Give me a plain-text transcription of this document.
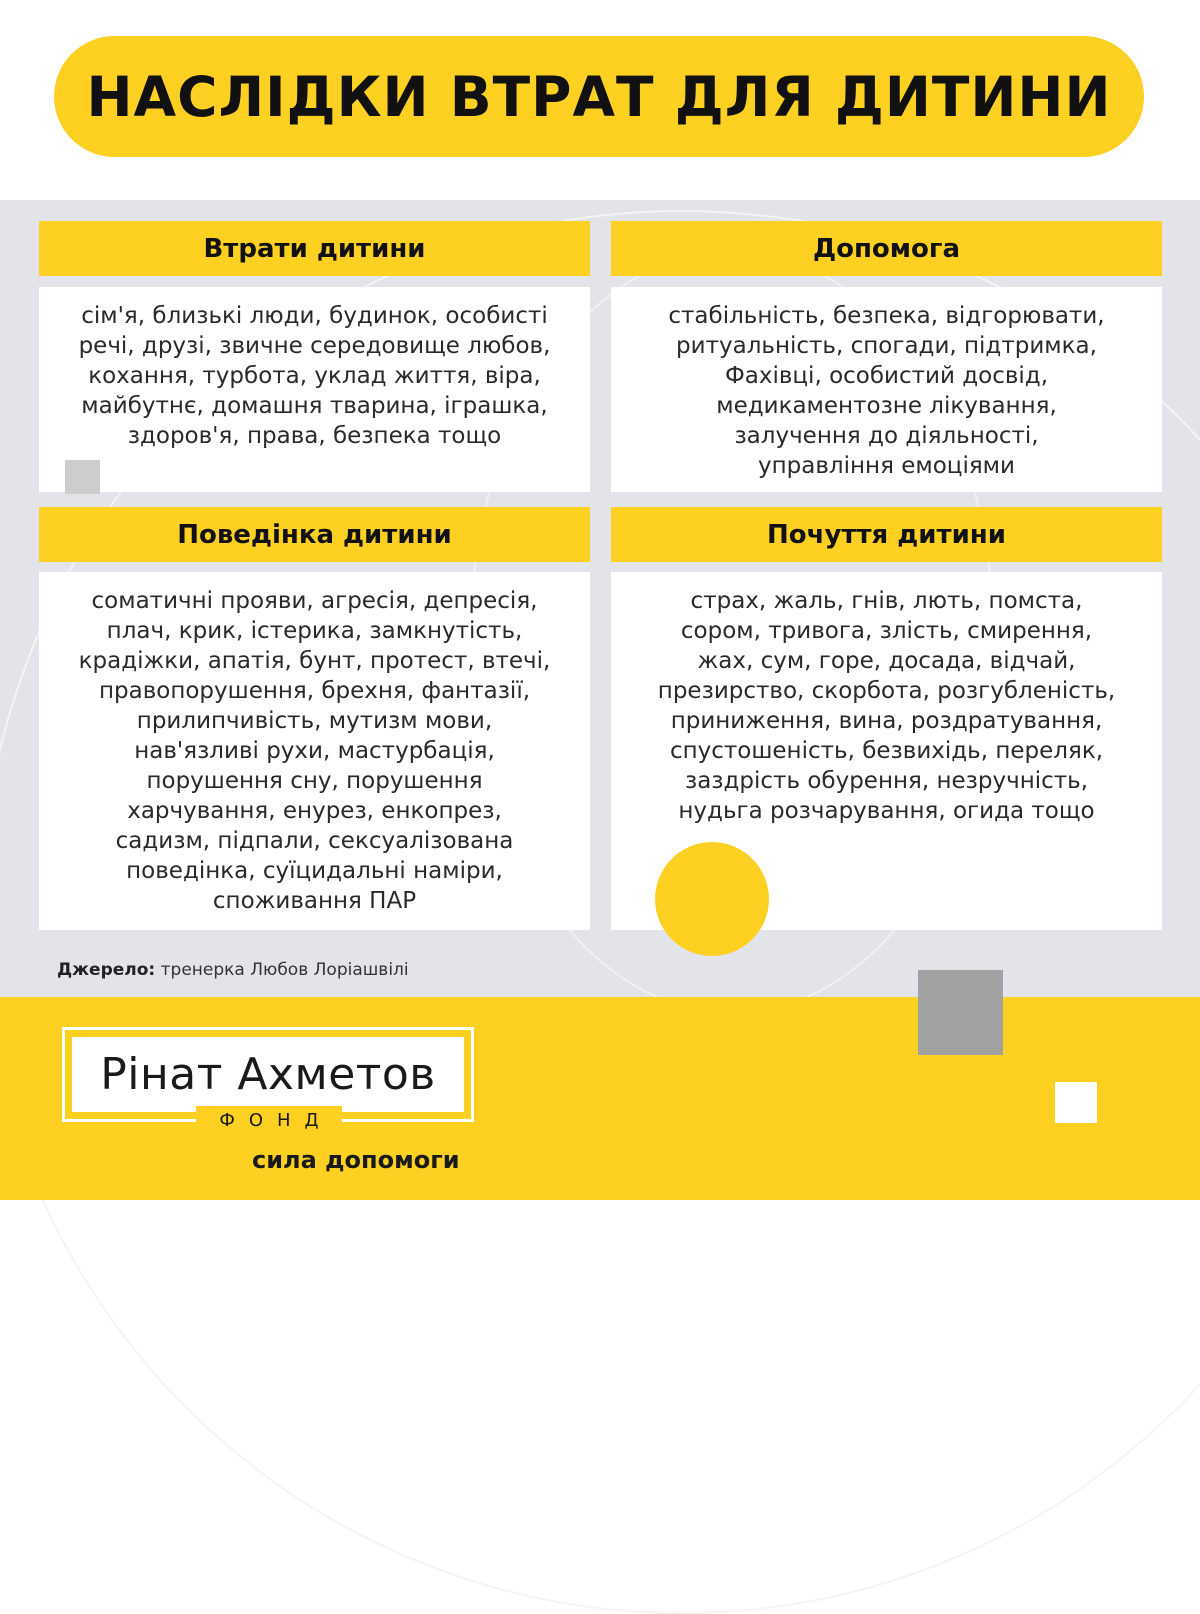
НАСЛІДКИ ВТРАТ ДЛЯ ДИТИНИ
Втрати дитини

сім'я, близькі люди, будинок, особисті
речі, друзі, звичне середовище любов,
кохання, турбота, уклад життя, віра,
майбутнє, домашня тварина, іграшка,
здоров'я, права, безпека тощо

Допомога

стабільність, безпека, відгорювати,
ритуальність, спогади, підтримка,
Фахівці, особистий досвід,
медикаментозне лікування,
залучення до діяльності,
управління емоціями

Поведінка дитини

соматичні прояви, агресія, депресія,
плач, крик, істерика, замкнутість,
крадіжки, апатія, бунт, протест, втечі,
правопорушення, брехня, фантазії,
прилипчивість, мутизм мови,
нав'язливі рухи, мастурбація,
порушення сну, порушення
харчування, енурез, енкопрез,
садизм, підпали, сексуалізована
поведінка, суїцидальні наміри,
споживання ПАР

Почуття дитини

страх, жаль, гнів, лють, помста,
сором, тривога, злість, смирення,
жах, сум, горе, досада, відчай,
презирство, скорбота, розгубленість,
приниження, вина, роздратування,
спустошеність, безвихідь, переляк,
заздрість обурення, незручність,
нудьга розчарування, огида тощо

Джерело: тренерка Любов Лоріашвілі
Рінат Ахметов
ФОНД
сила допомоги
